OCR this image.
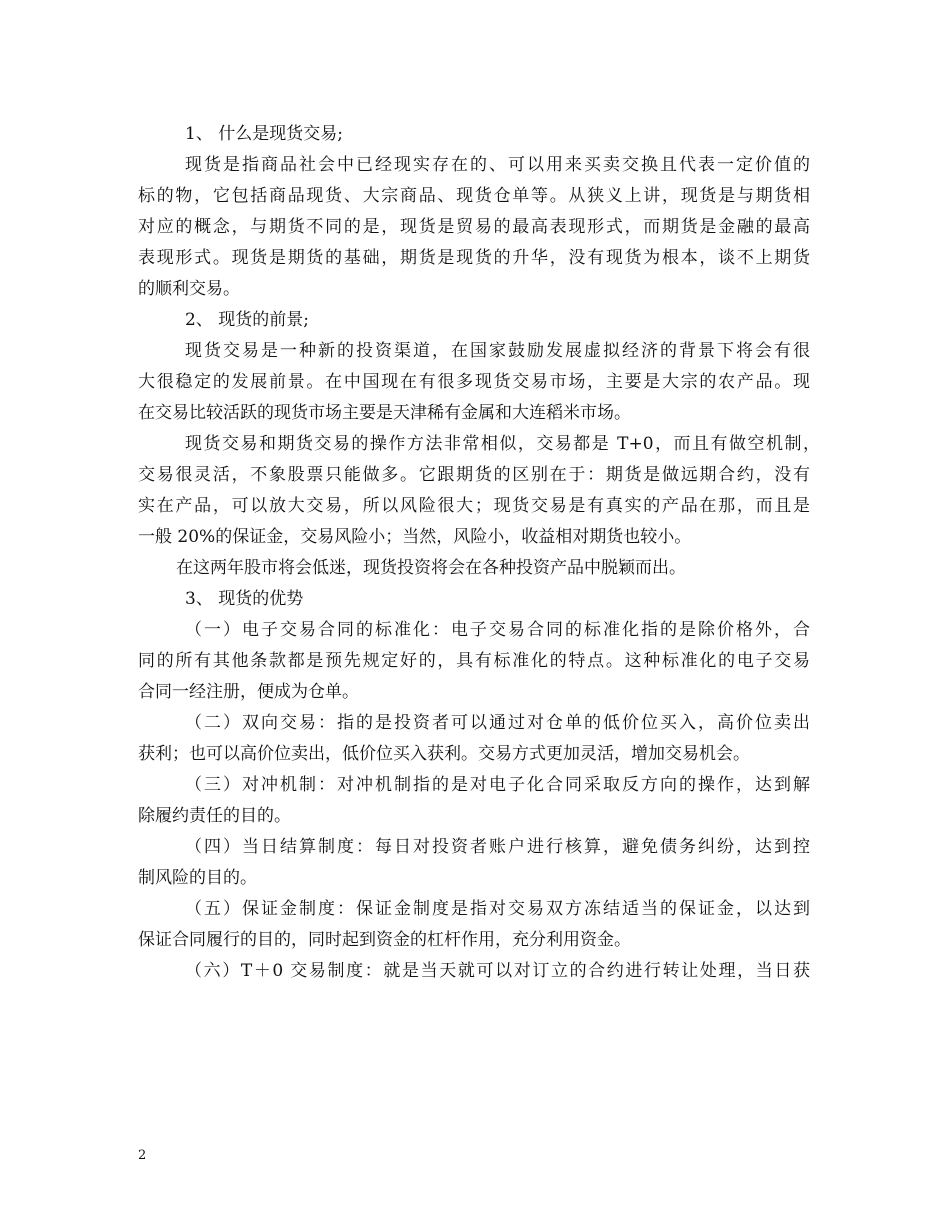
1、 什么是现货交易;
现货是指商品社会中已经现实存在的、可以用来买卖交换且代表一定价值的
标的物，它包括商品现货、大宗商品、现货仓单等。从狭义上讲，现货是与期货相
对应的概念，与期货不同的是，现货是贸易的最高表现形式，而期货是金融的最高
表现形式。现货是期货的基础，期货是现货的升华，没有现货为根本，谈不上期货
的顺利交易。
2、 现货的前景;
现货交易是一种新的投资渠道，在国家鼓励发展虚拟经济的背景下将会有很
大很稳定的发展前景。在中国现在有很多现货交易市场，主要是大宗的农产品。现
在交易比较活跃的现货市场主要是天津稀有金属和大连稻米市场。
现货交易和期货交易的操作方法非常相似，交易都是 T+0，而且有做空机制，
交易很灵活，不象股票只能做多。它跟期货的区别在于：期货是做远期合约，没有
实在产品，可以放大交易，所以风险很大；现货交易是有真实的产品在那，而且是
一般 20%的保证金，交易风险小；当然，风险小，收益相对期货也较小。
在这两年股市将会低迷，现货投资将会在各种投资产品中脱颖而出。
3、 现货的优势
（一）电子交易合同的标准化：电子交易合同的标准化指的是除价格外，合
同的所有其他条款都是预先规定好的，具有标准化的特点。这种标准化的电子交易
合同一经注册，便成为仓单。
（二）双向交易：指的是投资者可以通过对仓单的低价位买入，高价位卖出
获利；也可以高价位卖出，低价位买入获利。交易方式更加灵活，增加交易机会。
（三）对冲机制：对冲机制指的是对电子化合同采取反方向的操作，达到解
除履约责任的目的。
（四）当日结算制度：每日对投资者账户进行核算，避免债务纠纷，达到控
制风险的目的。
（五）保证金制度：保证金制度是指对交易双方冻结适当的保证金，以达到
保证合同履行的目的，同时起到资金的杠杆作用，充分利用资金。
（六）T＋0 交易制度：就是当天就可以对订立的合约进行转让处理，当日获
2
